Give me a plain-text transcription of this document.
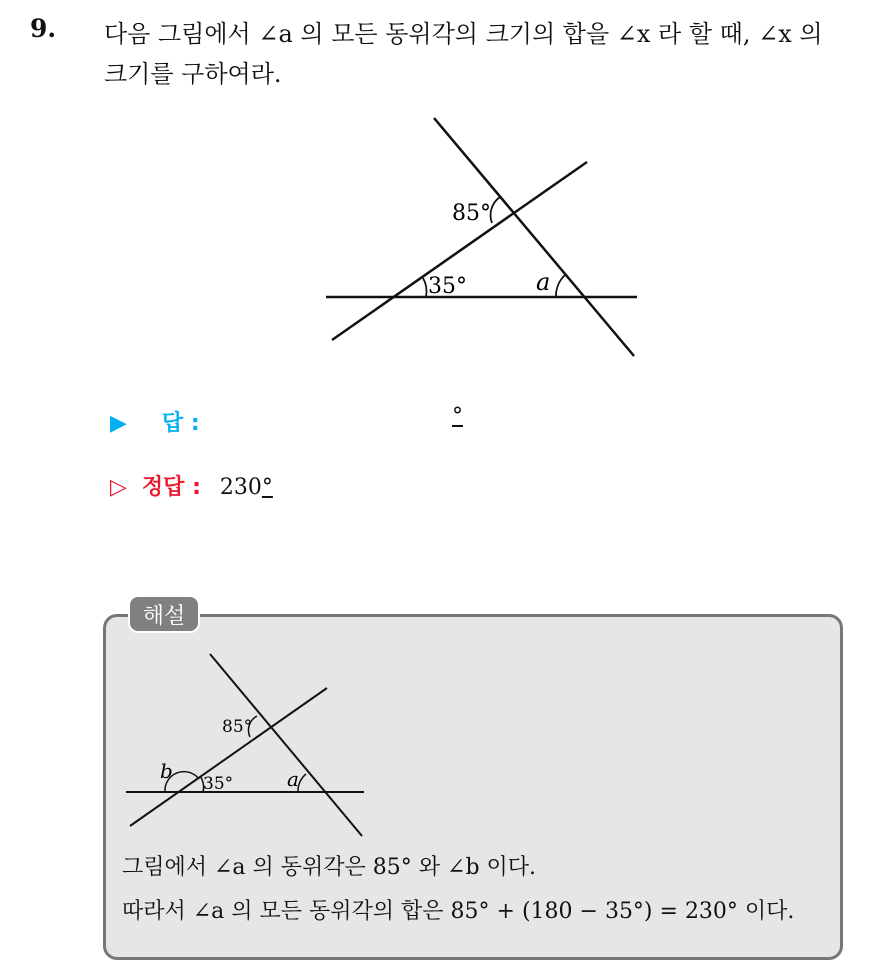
9. 다음 그림에서 ∠a 의 모든 동위각의 크기의 합을 ∠x 라 할 때, ∠x 의
크기를 구하여라.
85°
35°	a
▶ 답 :	°
▷ 정답 : 230°
해설
85°
35°	a
b
그림에서 ∠a 의 동위각은 85° 와 ∠b 이다.
따라서 ∠a 의 모든 동위각의 합은 85° + (180 − 35°) = 230° 이다.
